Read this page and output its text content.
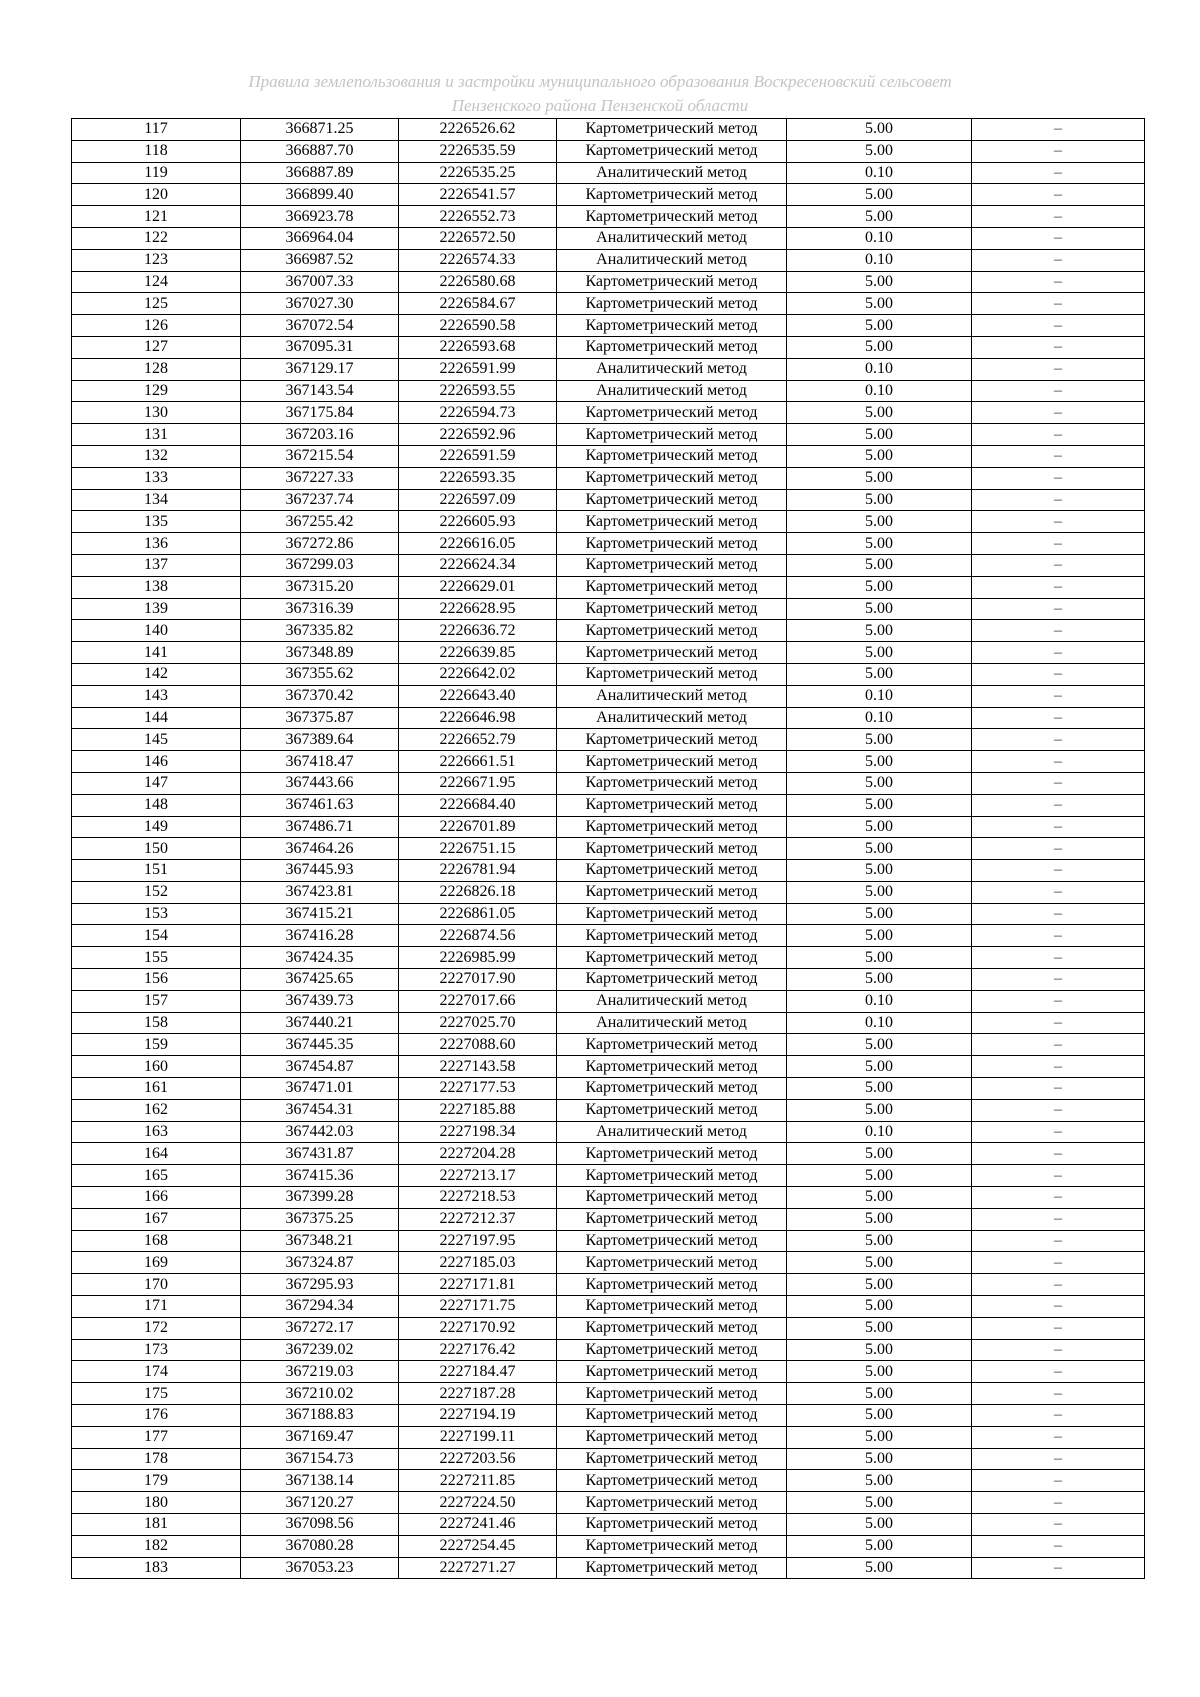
Правила землепользования и застройки муниципального образования Воскресеновский сельсовет
Пензенского района Пензенской области
117	366871.25	2226526.62	Картометрический метод	5.00	–
118	366887.70	2226535.59	Картометрический метод	5.00	–
119	366887.89	2226535.25	Аналитический метод	0.10	–
120	366899.40	2226541.57	Картометрический метод	5.00	–
121	366923.78	2226552.73	Картометрический метод	5.00	–
122	366964.04	2226572.50	Аналитический метод	0.10	–
123	366987.52	2226574.33	Аналитический метод	0.10	–
124	367007.33	2226580.68	Картометрический метод	5.00	–
125	367027.30	2226584.67	Картометрический метод	5.00	–
126	367072.54	2226590.58	Картометрический метод	5.00	–
127	367095.31	2226593.68	Картометрический метод	5.00	–
128	367129.17	2226591.99	Аналитический метод	0.10	–
129	367143.54	2226593.55	Аналитический метод	0.10	–
130	367175.84	2226594.73	Картометрический метод	5.00	–
131	367203.16	2226592.96	Картометрический метод	5.00	–
132	367215.54	2226591.59	Картометрический метод	5.00	–
133	367227.33	2226593.35	Картометрический метод	5.00	–
134	367237.74	2226597.09	Картометрический метод	5.00	–
135	367255.42	2226605.93	Картометрический метод	5.00	–
136	367272.86	2226616.05	Картометрический метод	5.00	–
137	367299.03	2226624.34	Картометрический метод	5.00	–
138	367315.20	2226629.01	Картометрический метод	5.00	–
139	367316.39	2226628.95	Картометрический метод	5.00	–
140	367335.82	2226636.72	Картометрический метод	5.00	–
141	367348.89	2226639.85	Картометрический метод	5.00	–
142	367355.62	2226642.02	Картометрический метод	5.00	–
143	367370.42	2226643.40	Аналитический метод	0.10	–
144	367375.87	2226646.98	Аналитический метод	0.10	–
145	367389.64	2226652.79	Картометрический метод	5.00	–
146	367418.47	2226661.51	Картометрический метод	5.00	–
147	367443.66	2226671.95	Картометрический метод	5.00	–
148	367461.63	2226684.40	Картометрический метод	5.00	–
149	367486.71	2226701.89	Картометрический метод	5.00	–
150	367464.26	2226751.15	Картометрический метод	5.00	–
151	367445.93	2226781.94	Картометрический метод	5.00	–
152	367423.81	2226826.18	Картометрический метод	5.00	–
153	367415.21	2226861.05	Картометрический метод	5.00	–
154	367416.28	2226874.56	Картометрический метод	5.00	–
155	367424.35	2226985.99	Картометрический метод	5.00	–
156	367425.65	2227017.90	Картометрический метод	5.00	–
157	367439.73	2227017.66	Аналитический метод	0.10	–
158	367440.21	2227025.70	Аналитический метод	0.10	–
159	367445.35	2227088.60	Картометрический метод	5.00	–
160	367454.87	2227143.58	Картометрический метод	5.00	–
161	367471.01	2227177.53	Картометрический метод	5.00	–
162	367454.31	2227185.88	Картометрический метод	5.00	–
163	367442.03	2227198.34	Аналитический метод	0.10	–
164	367431.87	2227204.28	Картометрический метод	5.00	–
165	367415.36	2227213.17	Картометрический метод	5.00	–
166	367399.28	2227218.53	Картометрический метод	5.00	–
167	367375.25	2227212.37	Картометрический метод	5.00	–
168	367348.21	2227197.95	Картометрический метод	5.00	–
169	367324.87	2227185.03	Картометрический метод	5.00	–
170	367295.93	2227171.81	Картометрический метод	5.00	–
171	367294.34	2227171.75	Картометрический метод	5.00	–
172	367272.17	2227170.92	Картометрический метод	5.00	–
173	367239.02	2227176.42	Картометрический метод	5.00	–
174	367219.03	2227184.47	Картометрический метод	5.00	–
175	367210.02	2227187.28	Картометрический метод	5.00	–
176	367188.83	2227194.19	Картометрический метод	5.00	–
177	367169.47	2227199.11	Картометрический метод	5.00	–
178	367154.73	2227203.56	Картометрический метод	5.00	–
179	367138.14	2227211.85	Картометрический метод	5.00	–
180	367120.27	2227224.50	Картометрический метод	5.00	–
181	367098.56	2227241.46	Картометрический метод	5.00	–
182	367080.28	2227254.45	Картометрический метод	5.00	–
183	367053.23	2227271.27	Картометрический метод	5.00	–
